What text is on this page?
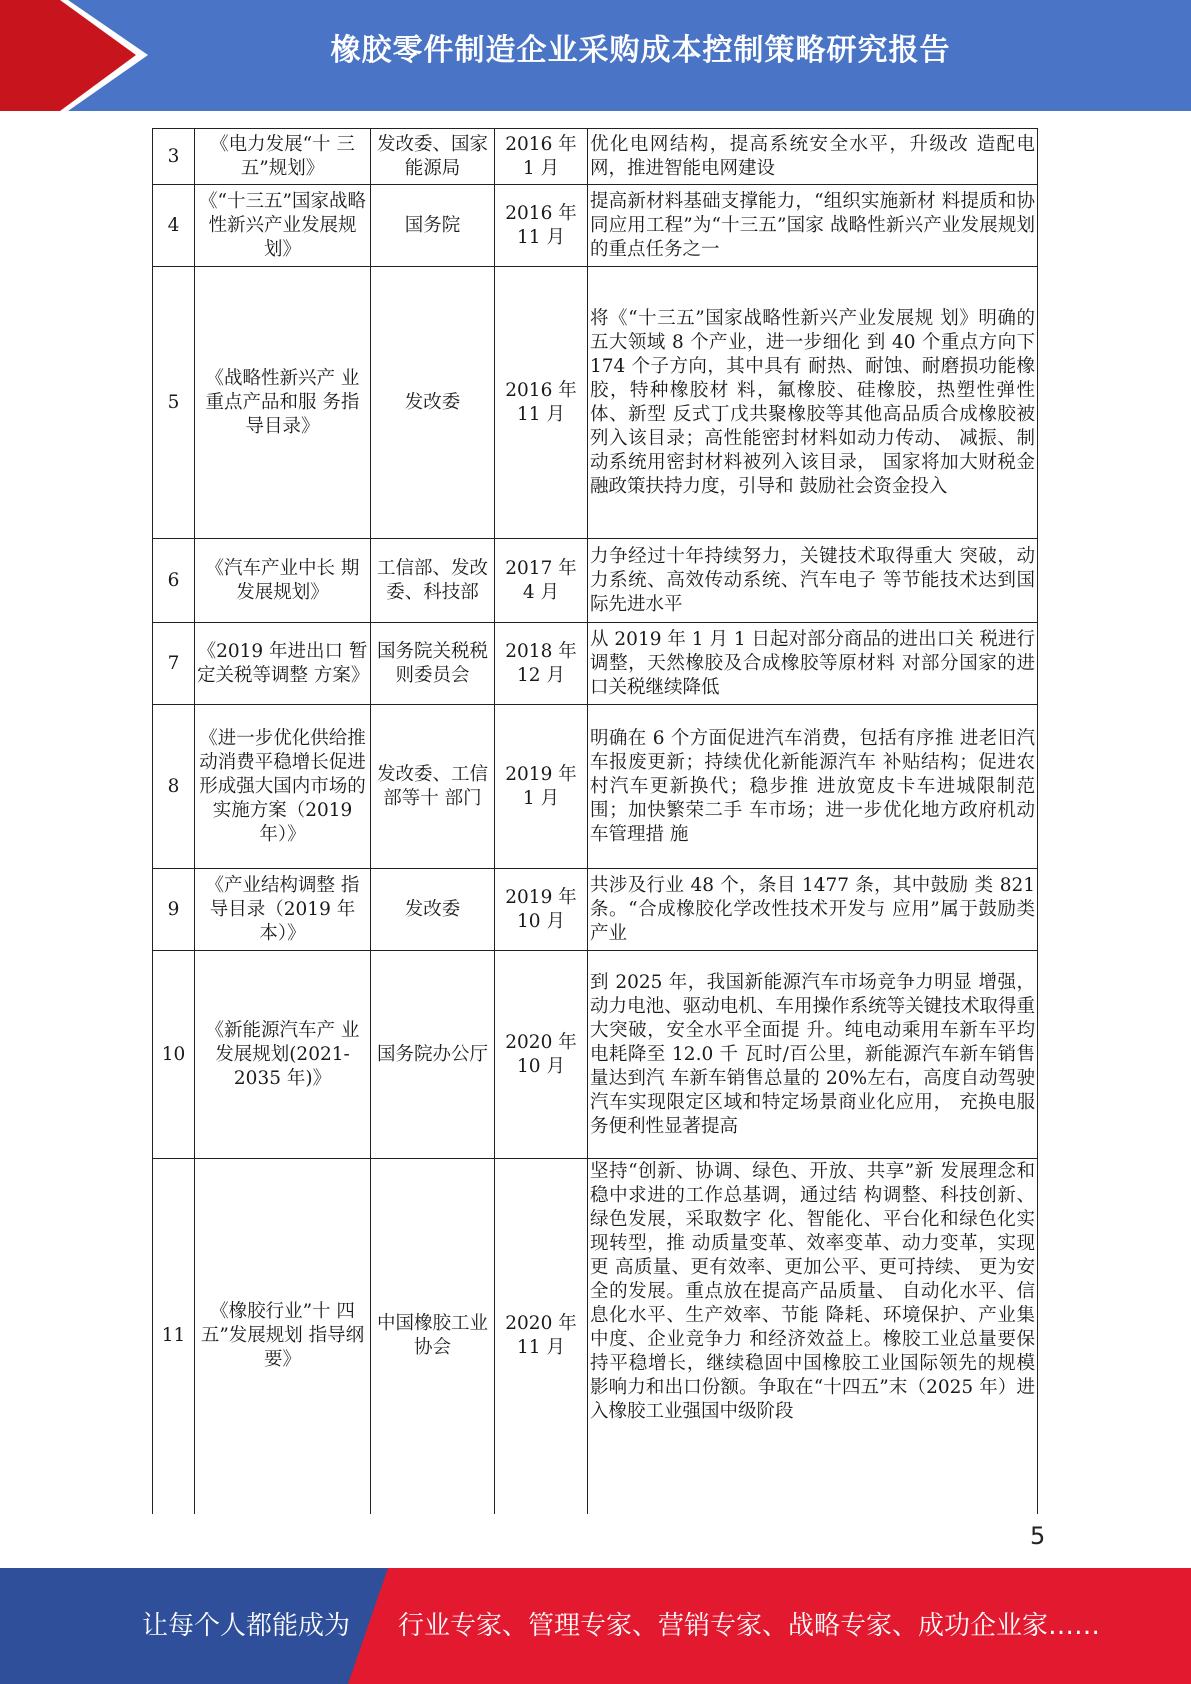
橡胶零件制造企业采购成本控制策略研究报告
3	《电力发展“十 三五”规划》	发改委、国家能源局	2016 年 1 月	优化电网结构，提高系统安全水平，升级改 造配电网，推进智能电网建设
4	《“十三五”国家战略性新兴产业发展规划》	国务院	2016 年 11 月	提高新材料基础支撑能力，“组织实施新材 料提质和协同应用工程”为“十三五”国家 战略性新兴产业发展规划的重点任务之一
5	《战略性新兴产 业重点产品和服 务指导目录》	发改委	2016 年 11 月	将《“十三五”国家战略性新兴产业发展规 划》明确的五大领域 8 个产业，进一步细化 到 40 个重点方向下 174 个子方向，其中具有 耐热、耐蚀、耐磨损功能橡胶，特种橡胶材 料，氟橡胶、硅橡胶，热塑性弹性体、新型 反式丁戊共聚橡胶等其他高品质合成橡胶被 列入该目录；高性能密封材料如动力传动、 减振、制动系统用密封材料被列入该目录， 国家将加大财税金融政策扶持力度，引导和 鼓励社会资金投入
6	《汽车产业中长 期发展规划》	工信部、发改委、科技部	2017 年 4 月	力争经过十年持续努力，关键技术取得重大 突破，动力系统、高效传动系统、汽车电子 等节能技术达到国际先进水平
7	《2019 年进出口 暂定关税等调整 方案》	国务院关税税则委员会	2018 年 12 月	从 2019 年 1 月 1 日起对部分商品的进出口关 税进行调整，天然橡胶及合成橡胶等原材料 对部分国家的进口关税继续降低
8	《进一步优化供给推动消费平稳增长促进形成强大国内市场的实施方案（2019 年）》	发改委、工信部等十 部门	2019 年 1 月	明确在 6 个方面促进汽车消费，包括有序推 进老旧汽车报废更新；持续优化新能源汽车 补贴结构；促进农村汽车更新换代；稳步推 进放宽皮卡车进城限制范围；加快繁荣二手 车市场；进一步优化地方政府机动车管理措 施
9	《产业结构调整 指导目录（2019 年本）》	发改委	2019 年 10 月	共涉及行业 48 个，条目 1477 条，其中鼓励 类 821 条。“合成橡胶化学改性技术开发与 应用”属于鼓励类产业
10	《新能源汽车产 业发展规划(2021-2035 年)》	国务院办公厅	2020 年 10 月	到 2025 年，我国新能源汽车市场竞争力明显 增强，动力电池、驱动电机、车用操作系统等关键技术取得重大突破，安全水平全面提 升。纯电动乘用车新车平均电耗降至 12.0 千 瓦时/百公里，新能源汽车新车销售量达到汽 车新车销售总量的 20%左右，高度自动驾驶 汽车实现限定区域和特定场景商业化应用， 充换电服务便利性显著提高
11	《橡胶行业”十 四五”发展规划 指导纲要》	中国橡胶工业协会	2020 年 11 月	坚持“创新、协调、绿色、开放、共享”新 发展理念和稳中求进的工作总基调，通过结 构调整、科技创新、绿色发展，采取数字 化、智能化、平台化和绿色化实现转型，推 动质量变革、效率变革、动力变革，实现更 高质量、更有效率、更加公平、更可持续、 更为安全的发展。重点放在提高产品质量、 自动化水平、信息化水平、生产效率、节能 降耗、环境保护、产业集中度、企业竞争力 和经济效益上。橡胶工业总量要保持平稳增长，继续稳固中国橡胶工业国际领先的规模 影响力和出口份额。争取在“十四五”末（2025 年）进入橡胶工业强国中级阶段
5
让每个人都能成为 行业专家、管理专家、营销专家、战略专家、成功企业家……
